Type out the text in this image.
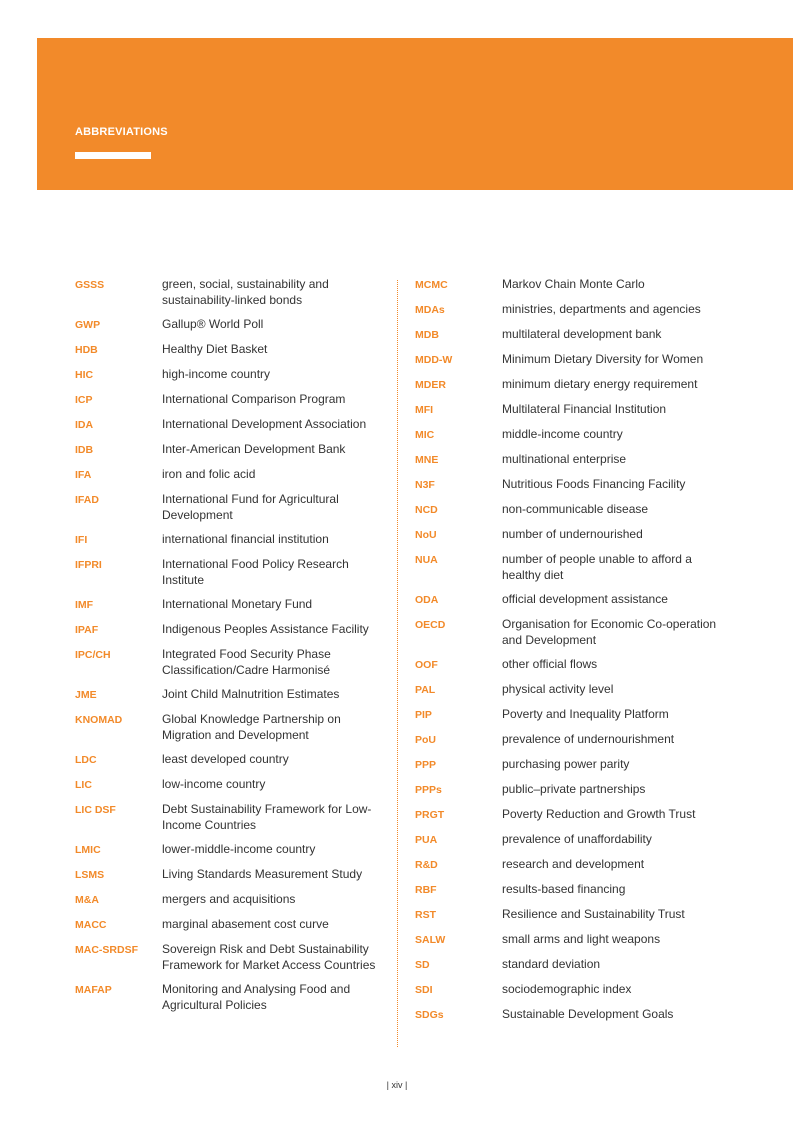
ABBREVIATIONS
GSSS	green, social, sustainability and sustainability-linked bonds
GWP	Gallup® World Poll
HDB	Healthy Diet Basket
HIC	high-income country
ICP	International Comparison Program
IDA	International Development Association
IDB	Inter-American Development Bank
IFA	iron and folic acid
IFAD	International Fund for Agricultural Development
IFI	international financial institution
IFPRI	International Food Policy Research Institute
IMF	International Monetary Fund
IPAF	Indigenous Peoples Assistance Facility
IPC/CH	Integrated Food Security Phase Classification/Cadre Harmonisé
JME	Joint Child Malnutrition Estimates
KNOMAD	Global Knowledge Partnership on Migration and Development
LDC	least developed country
LIC	low-income country
LIC DSF	Debt Sustainability Framework for Low-Income Countries
LMIC	lower-middle-income country
LSMS	Living Standards Measurement Study
M&A	mergers and acquisitions
MACC	marginal abasement cost curve
MAC-SRDSF	Sovereign Risk and Debt Sustainability Framework for Market Access Countries
MAFAP	Monitoring and Analysing Food and Agricultural Policies
MCMC	Markov Chain Monte Carlo
MDAs	ministries, departments and agencies
MDB	multilateral development bank
MDD-W	Minimum Dietary Diversity for Women
MDER	minimum dietary energy requirement
MFI	Multilateral Financial Institution
MIC	middle-income country
MNE	multinational enterprise
N3F	Nutritious Foods Financing Facility
NCD	non-communicable disease
NoU	number of undernourished
NUA	number of people unable to afford a healthy diet
ODA	official development assistance
OECD	Organisation for Economic Co-operation and Development
OOF	other official flows
PAL	physical activity level
PIP	Poverty and Inequality Platform
PoU	prevalence of undernourishment
PPP	purchasing power parity
PPPs	public–private partnerships
PRGT	Poverty Reduction and Growth Trust
PUA	prevalence of unaffordability
R&D	research and development
RBF	results-based financing
RST	Resilience and Sustainability Trust
SALW	small arms and light weapons
SD	standard deviation
SDI	sociodemographic index
SDGs	Sustainable Development Goals
| xiv |
